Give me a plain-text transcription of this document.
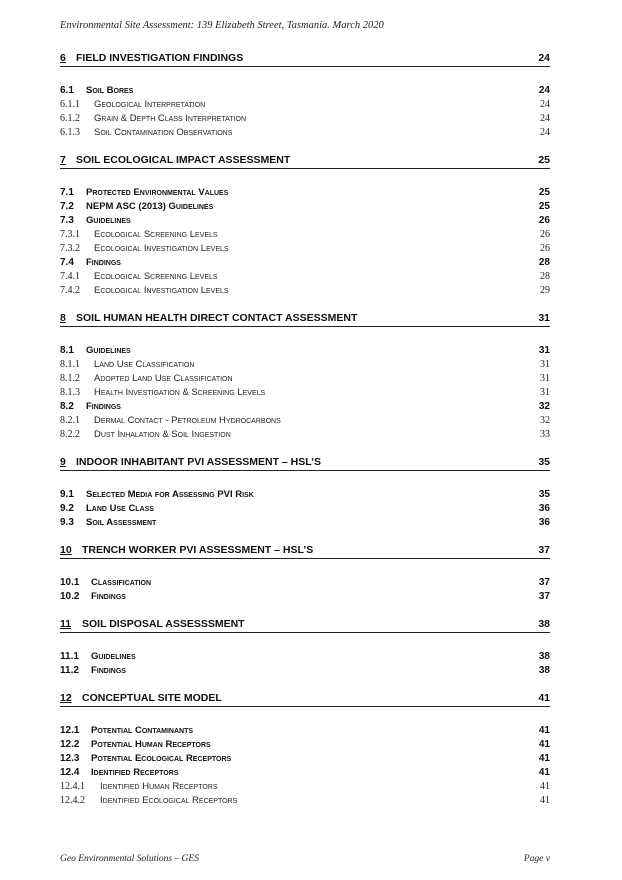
Environmental Site Assessment: 139 Elizabeth Street, Tasmania. March 2020
6 FIELD INVESTIGATION FINDINGS	24
6.1 Soil Bores	24
6.1.1 Geological Interpretation	24
6.1.2 Grain & Depth Class Interpretation	24
6.1.3 Soil Contamination Observations	24
7 SOIL ECOLOGICAL IMPACT ASSESSMENT	25
7.1 Protected Environmental Values	25
7.2 NEPM ASC (2013) Guidelines	25
7.3 Guidelines	26
7.3.1 Ecological Screening Levels	26
7.3.2 Ecological Investigation Levels	26
7.4 Findings	28
7.4.1 Ecological Screening Levels	28
7.4.2 Ecological Investigation Levels	29
8 SOIL HUMAN HEALTH DIRECT CONTACT ASSESSMENT	31
8.1 Guidelines	31
8.1.1 Land Use Classification	31
8.1.2 Adopted Land Use Classification	31
8.1.3 Health Investigation & Screening Levels	31
8.2 Findings	32
8.2.1 Dermal Contact - Petroleum Hydrocarbons	32
8.2.2 Dust Inhalation & Soil Ingestion	33
9 INDOOR INHABITANT PVI ASSESSMENT – HSL’S	35
9.1 Selected Media for Assessing PVI Risk	35
9.2 Land Use Class	36
9.3 Soil Assessment	36
10 TRENCH WORKER PVI ASSESSMENT – HSL’S	37
10.1 Classification	37
10.2 Findings	37
11 SOIL DISPOSAL ASSESSSMENT	38
11.1 Guidelines	38
11.2 Findings	38
12 CONCEPTUAL SITE MODEL	41
12.1 Potential Contaminants	41
12.2 Potential Human Receptors	41
12.3 Potential Ecological Receptors	41
12.4 Identified Receptors	41
12.4.1 Identified Human Receptors	41
12.4.2 Identified Ecological Receptors	41
Geo Environmental Solutions – GES	Page v
